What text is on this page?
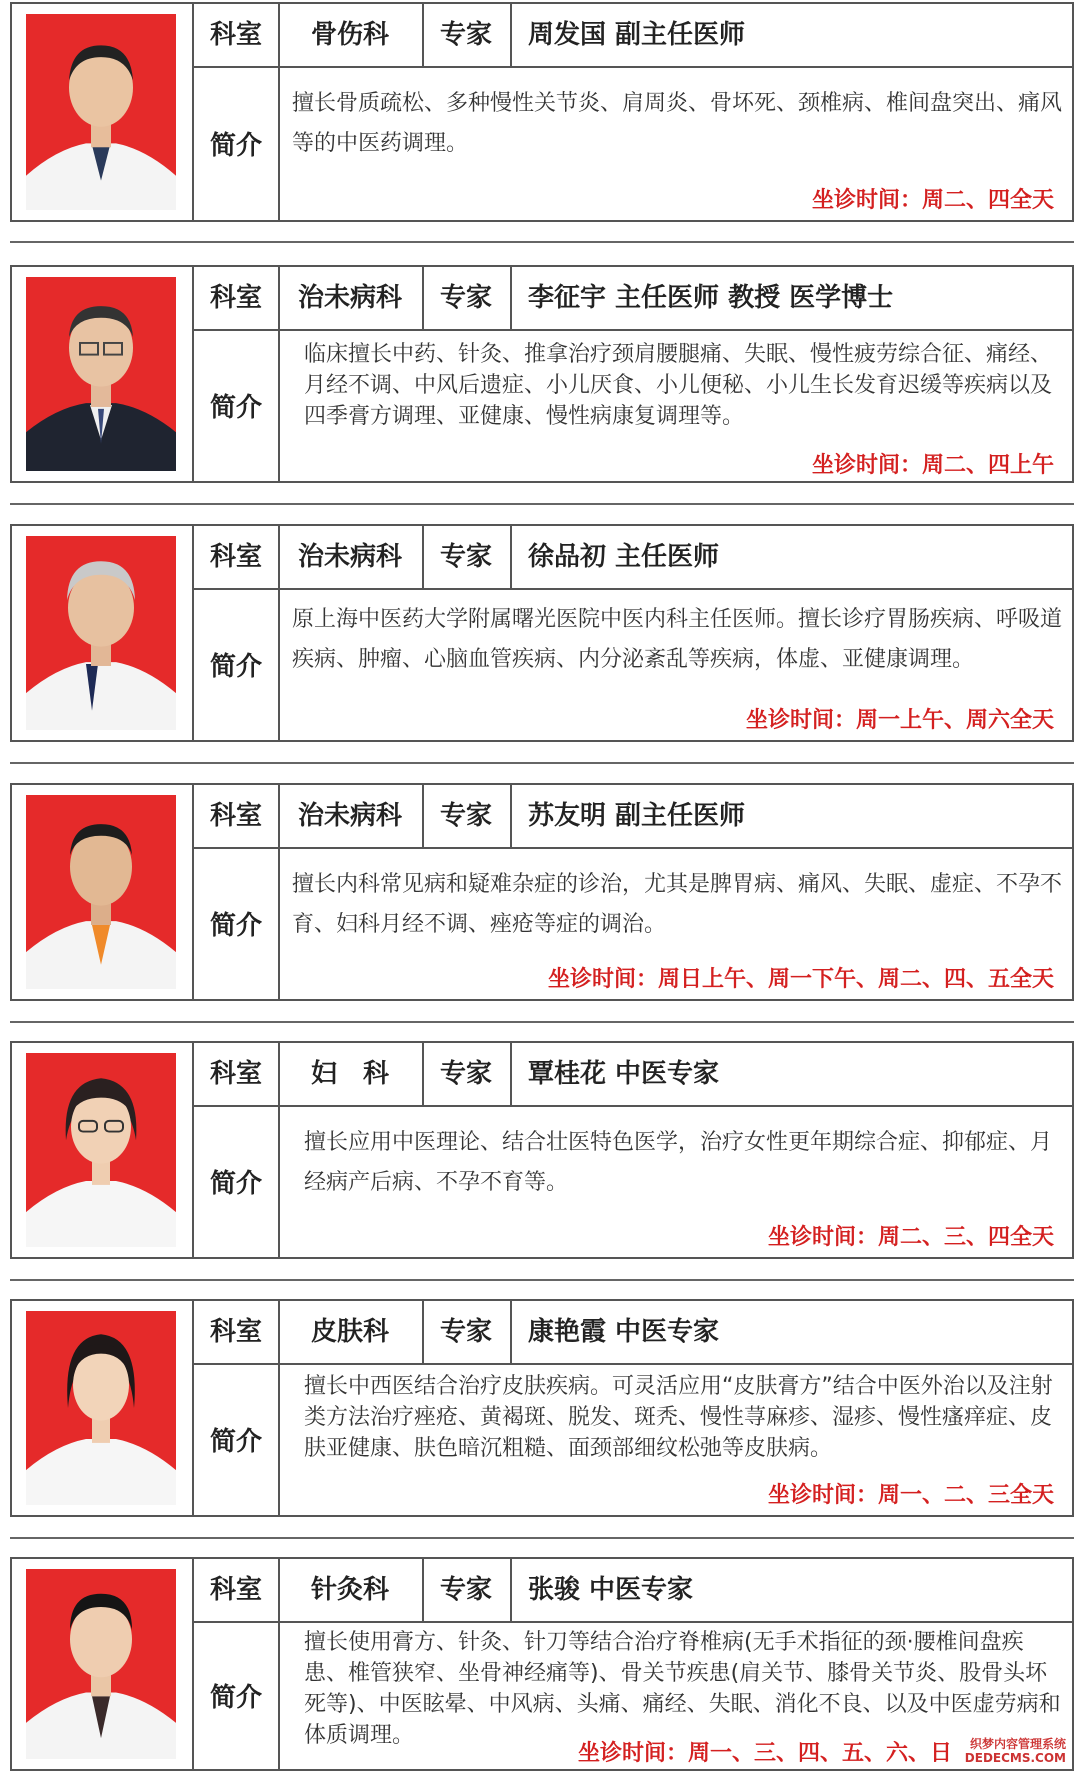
科室	骨伤科	专家	周发国 副主任医师
简介
擅长骨质疏松、多种慢性关节炎、肩周炎、骨坏死、颈椎病、椎间盘突出、痛风等的中医药调理。
坐诊时间：周二、四全天
科室	治未病科	专家	李征宇 主任医师 教授 医学博士
简介
临床擅长中药、针灸、推拿治疗颈肩腰腿痛、失眠、慢性疲劳综合征、痛经、月经不调、中风后遗症、小儿厌食、小儿便秘、小儿生长发育迟缓等疾病以及四季膏方调理、亚健康、慢性病康复调理等。
坐诊时间：周二、四上午
科室	治未病科	专家	徐品初 主任医师
简介
原上海中医药大学附属曙光医院中医内科主任医师。擅长诊疗胃肠疾病、呼吸道疾病、肿瘤、心脑血管疾病、内分泌紊乱等疾病，体虚、亚健康调理。
坐诊时间：周一上午、周六全天
科室	治未病科	专家	苏友明 副主任医师
简介
擅长内科常见病和疑难杂症的诊治，尤其是脾胃病、痛风、失眠、虚症、不孕不育、妇科月经不调、痤疮等症的调治。
坐诊时间：周日上午、周一下午、周二、四、五全天
科室	妇　科	专家	覃桂花 中医专家
简介
擅长应用中医理论、结合壮医特色医学，治疗女性更年期综合症、抑郁症、月经病产后病、不孕不育等。
坐诊时间：周二、三、四全天
科室	皮肤科	专家	康艳霞 中医专家
简介
擅长中西医结合治疗皮肤疾病。可灵活应用“皮肤膏方”结合中医外治以及注射类方法治疗痤疮、黄褐斑、脱发、斑秃、慢性荨麻疹、湿疹、慢性瘙痒症、皮肤亚健康、肤色暗沉粗糙、面颈部细纹松弛等皮肤病。
坐诊时间：周一、二、三全天
科室	针灸科	专家	张骏 中医专家
简介
擅长使用膏方、针灸、针刀等结合治疗脊椎病(无手术指征的颈·腰椎间盘疾患、椎管狭窄、坐骨神经痛等)、骨关节疾患(肩关节、膝骨关节炎、股骨头坏死等)、中医眩晕、中风病、头痛、痛经、失眠、消化不良、以及中医虚劳病和体质调理。
坐诊时间：周一、三、四、五、六、日	织梦内容管理系统
DEDECMS.COM
